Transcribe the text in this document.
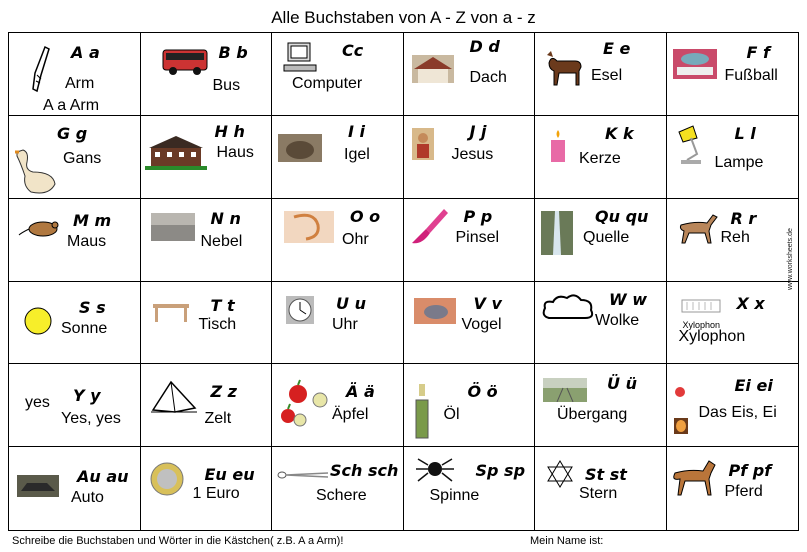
Alle Buchstaben von A - Z von a - z
A a
Arm
A a Arm
B b
Bus
Cc
Computer
D d
Dach
E e
Esel
F f
Fußball
G g
Gans
H h
Haus
I i
Igel
J j
Jesus
K k
Kerze
L l
Lampe
M m
Maus
N n
Nebel
O o
Ohr
P p
Pinsel
Qu qu
Quelle
R r
Reh
S s
Sonne
T t
Tisch
U u
Uhr
V v
Vogel
W w
Wolke	Xylophon
X x
Xylophon
yes Y y
Yes, yes
Z z
Zelt
Ä ä
Äpfel
Ö ö
Öl
Ü ü
Übergang
Ei ei
Das Eis, Ei
Au au
Auto
Eu eu
1 Euro
Sch sch
Schere
Sp sp
Spinne
St st
Stern
Pf pf
Pferd
www.worksheets.de
Schreibe die Buchstaben und Wörter in die Kästchen( z.B. A a Arm)!	Mein Name ist:
